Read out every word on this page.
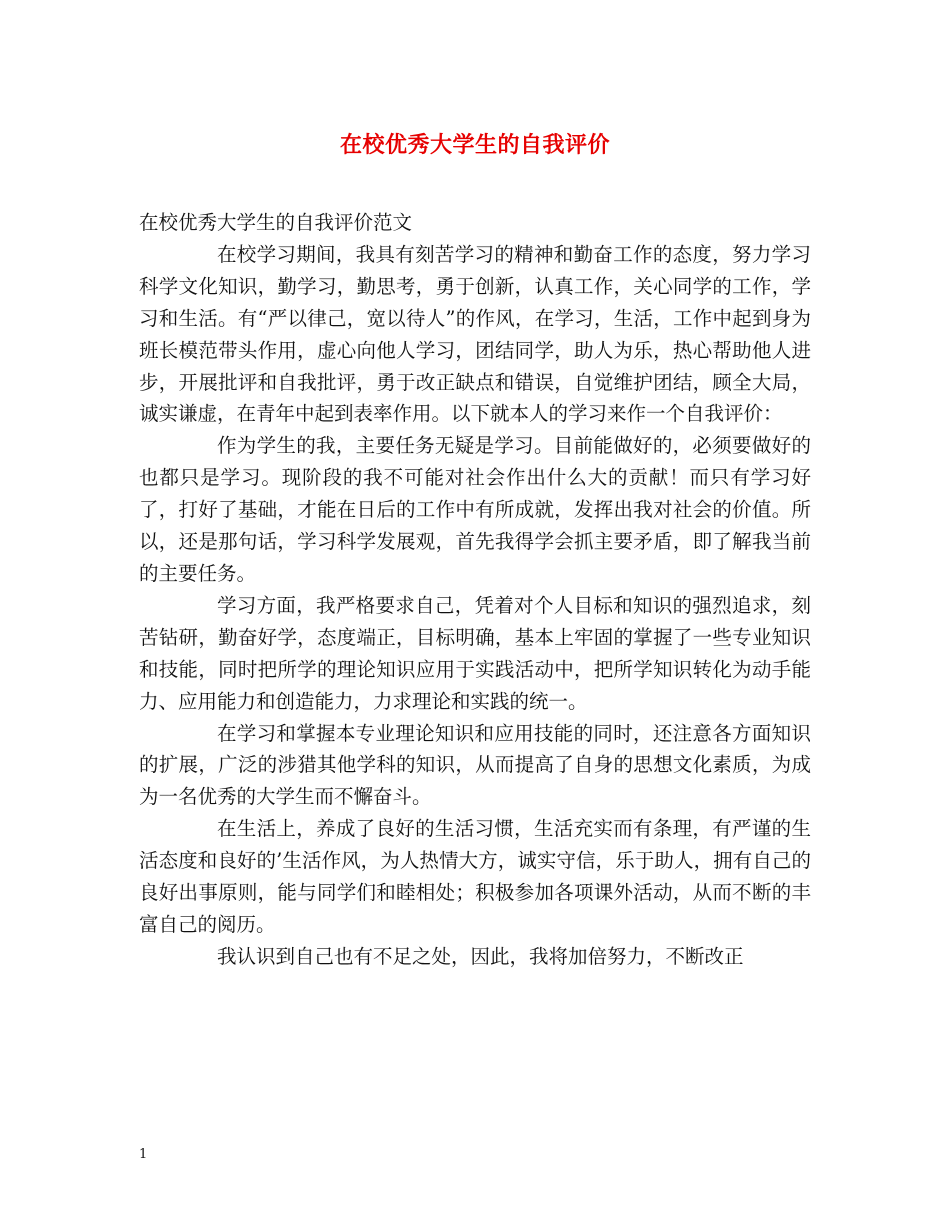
在校优秀大学生的自我评价

在校优秀大学生的自我评价范文

在校学习期间，我具有刻苦学习的精神和勤奋工作的态度，努力学习科学文化知识，勤学习，勤思考，勇于创新，认真工作，关心同学的工作，学习和生活。有“严以律己，宽以待人”的作风，在学习，生活，工作中起到身为班长模范带头作用，虚心向他人学习，团结同学，助人为乐，热心帮助他人进步，开展批评和自我批评，勇于改正缺点和错误，自觉维护团结，顾全大局，诚实谦虚，在青年中起到表率作用。以下就本人的学习来作一个自我评价：

作为学生的我，主要任务无疑是学习。目前能做好的，必须要做好的也都只是学习。现阶段的我不可能对社会作出什么大的贡献！而只有学习好了，打好了基础，才能在日后的工作中有所成就，发挥出我对社会的价值。所以，还是那句话，学习科学发展观，首先我得学会抓主要矛盾，即了解我当前的主要任务。

学习方面，我严格要求自己，凭着对个人目标和知识的强烈追求，刻苦钻研，勤奋好学，态度端正，目标明确，基本上牢固的掌握了一些专业知识和技能，同时把所学的理论知识应用于实践活动中，把所学知识转化为动手能力、应用能力和创造能力，力求理论和实践的统一。

在学习和掌握本专业理论知识和应用技能的同时，还注意各方面知识的扩展，广泛的涉猎其他学科的知识，从而提高了自身的思想文化素质，为成为一名优秀的大学生而不懈奋斗。

在生活上，养成了良好的生活习惯，生活充实而有条理，有严谨的生活态度和良好的’生活作风，为人热情大方，诚实守信，乐于助人，拥有自己的良好出事原则，能与同学们和睦相处；积极参加各项课外活动，从而不断的丰富自己的阅历。

我认识到自己也有不足之处，因此，我将加倍努力，不断改正

1
